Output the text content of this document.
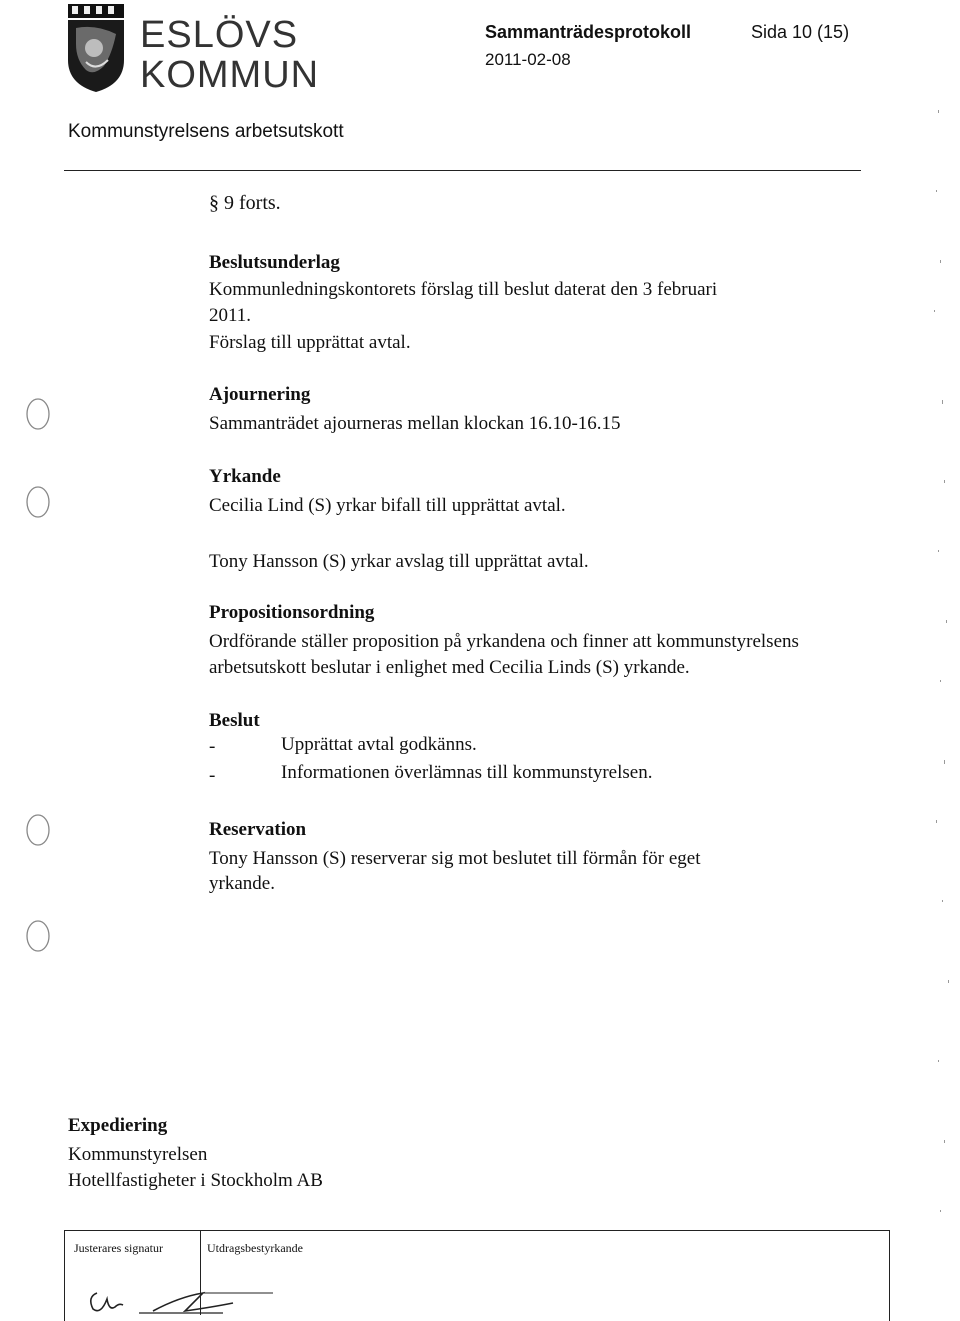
ESLÖVS
KOMMUN
Sammanträdesprotokoll	Sida 10 (15)
2011-02-08
Kommunstyrelsens arbetsutskott
§ 9 forts.
Beslutsunderlag
Kommunledningskontorets förslag till beslut daterat den 3 februari
2011.
Förslag till upprättat avtal.
Ajournering
Sammanträdet ajourneras mellan klockan 16.10-16.15
Yrkande
Cecilia Lind (S) yrkar bifall till upprättat avtal.
Tony Hansson (S) yrkar avslag till upprättat avtal.
Propositionsordning
Ordförande ställer proposition på yrkandena och finner att kommunstyrelsens
arbetsutskott beslutar i enlighet med Cecilia Linds (S) yrkande.
Beslut
-	Upprättat avtal godkänns.
-	Informationen överlämnas till kommunstyrelsen.
Reservation
Tony Hansson (S) reserverar sig mot beslutet till förmån för eget
yrkande.
Expediering
Kommunstyrelsen
Hotellfastigheter i Stockholm AB
Justerares signatur	Utdragsbestyrkande
